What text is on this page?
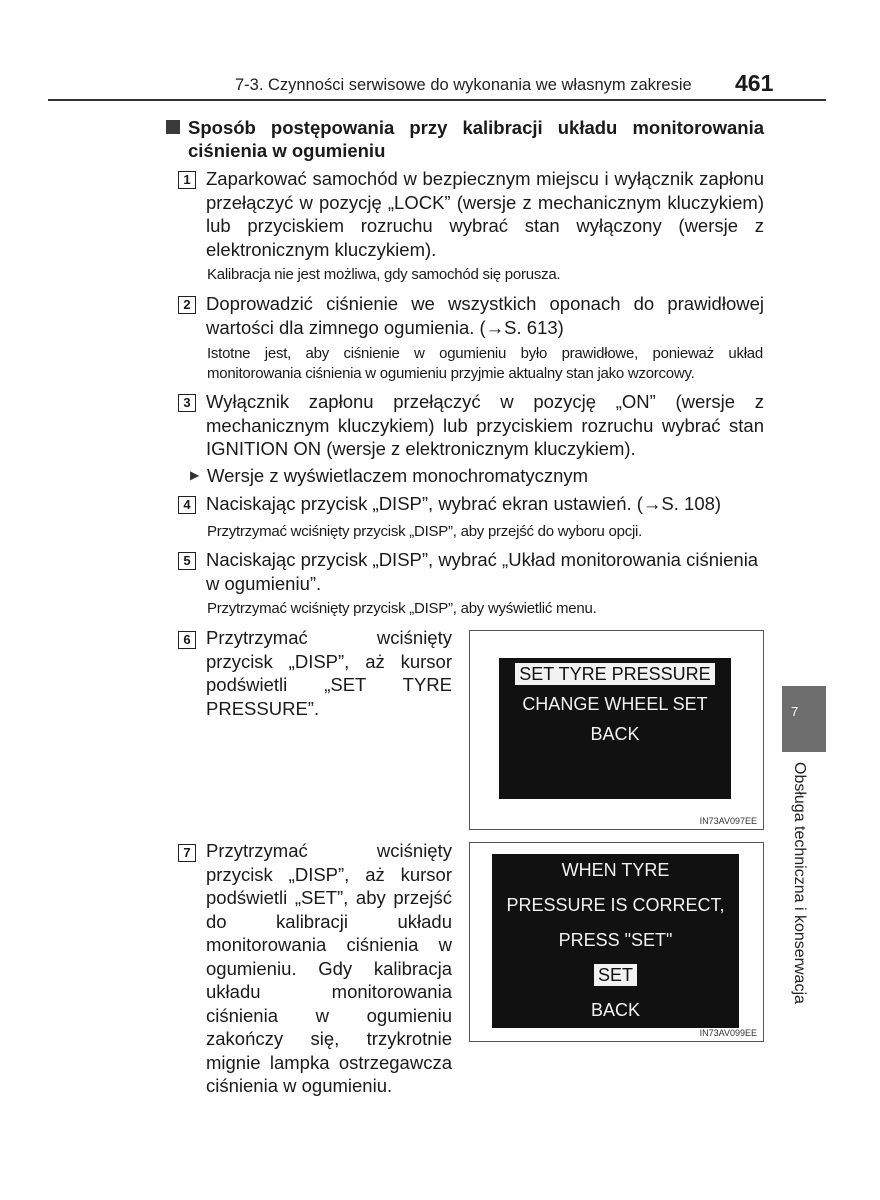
7-3. Czynności serwisowe do wykonania we własnym zakresie 461
Sposób postępowania przy kalibracji układu monitorowania ciśnienia w ogumieniu
1 Zaparkować samochód w bezpiecznym miejscu i wyłącznik zapłonu przełączyć w pozycję „LOCK” (wersje z mechanicznym kluczykiem) lub przyciskiem rozruchu wybrać stan wyłączony (wersje z elektronicznym kluczykiem).
Kalibracja nie jest możliwa, gdy samochód się porusza.
2 Doprowadzić ciśnienie we wszystkich oponach do prawidłowej wartości dla zimnego ogumienia. (→S. 613)
Istotne jest, aby ciśnienie w ogumieniu było prawidłowe, ponieważ układ monitorowania ciśnienia w ogumieniu przyjmie aktualny stan jako wzorcowy.
3 Wyłącznik zapłonu przełączyć w pozycję „ON” (wersje z mechanicznym kluczykiem) lub przyciskiem rozruchu wybrać stan IGNITION ON (wersje z elektronicznym kluczykiem).
▶ Wersje z wyświetlaczem monochromatycznym
4 Naciskając przycisk „DISP”, wybrać ekran ustawień. (→S. 108)
Przytrzymać wciśnięty przycisk „DISP”, aby przejść do wyboru opcji.
5 Naciskając przycisk „DISP”, wybrać „Układ monitorowania ciśnienia w ogumieniu”.
Przytrzymać wciśnięty przycisk „DISP”, aby wyświetlić menu.
6 Przytrzymać wciśnięty przycisk „DISP”, aż kursor podświetli „SET TYRE PRESSURE”.
SET TYRE PRESSURE
CHANGE WHEEL SET
BACK
IN73AV097EE
7 Przytrzymać wciśnięty przycisk „DISP”, aż kursor podświetli „SET”, aby przejść do kalibracji układu monitorowania ciśnienia w ogumieniu. Gdy kalibracja układu monitorowania ciśnienia w ogumieniu zakończy się, trzykrotnie mignie lampka ostrzegawcza ciśnienia w ogumieniu.
WHEN TYRE
PRESSURE IS CORRECT,
PRESS "SET"
SET
BACK
IN73AV099EE
7
Obsługa techniczna i konserwacja
